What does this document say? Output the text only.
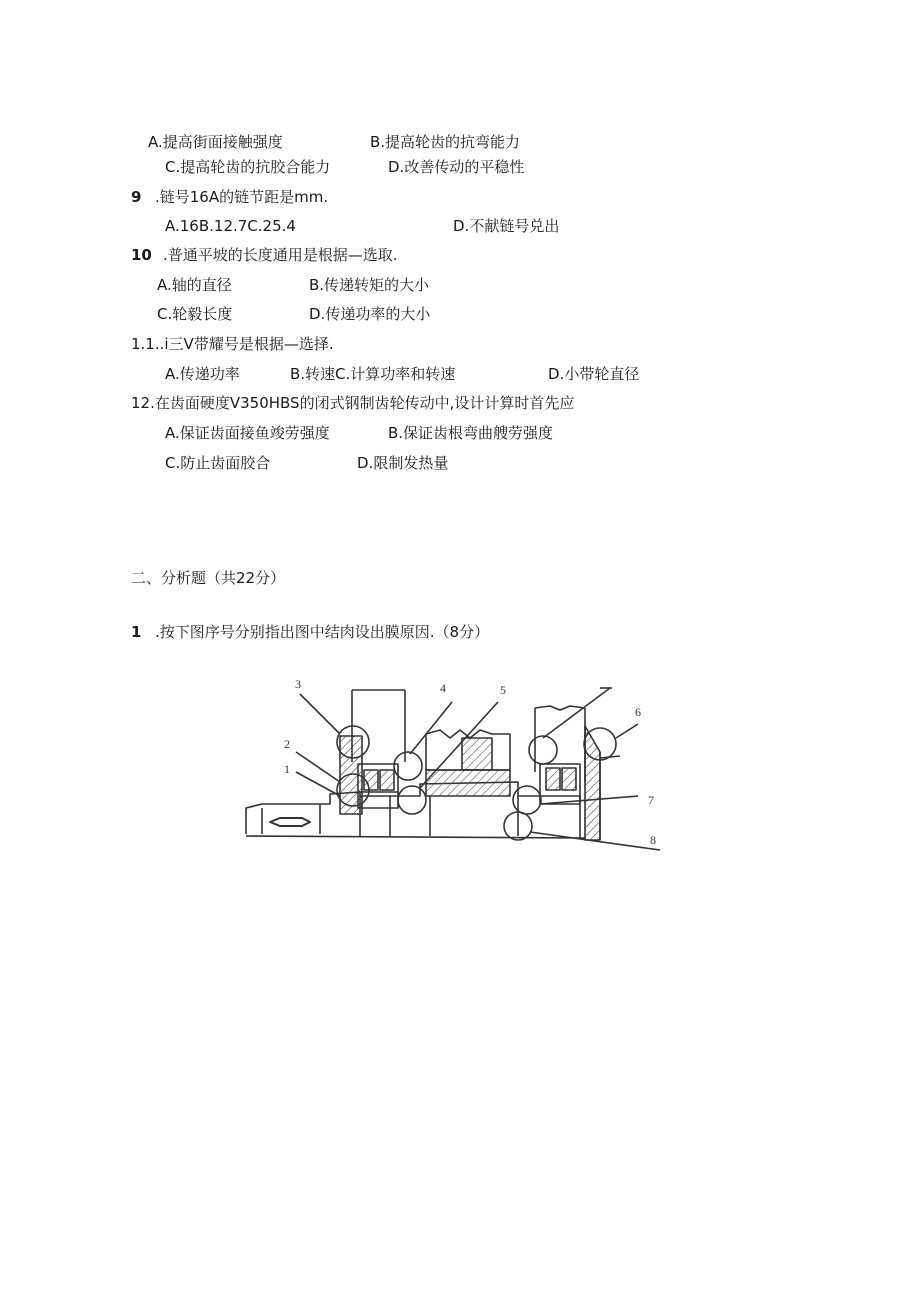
A.提高街面接触强度	B.提高轮齿的抗弯能力
C.提高轮齿的抗胶合能力	D.改善传动的平稳性
9 .链号16A的链节距是mm.
A.16B.12.7C.25.4	D.不献链号兑出
10 .普通平坡的长度通用是根据—选取.
A.轴的直径	B.传递转矩的大小
C.轮毅长度	D.传递功率的大小
1.1..i三V带耀号是根据—选择.
A.传递功率	B.转速C.计算功率和转速	D.小带轮直径
12.在齿面硬度V350HBS的闭式钢制齿轮传动中,设计计算时首先应
A.保证齿面接鱼竣劳强度	B.保证齿根弯曲艘劳强度
C.防止齿面胶合	D.限制发热量
二、分析题（共22分）
1 .按下图序号分别指出图中结肉设出膜原因.（8分）
3
2
1
4	5
6
7
8
